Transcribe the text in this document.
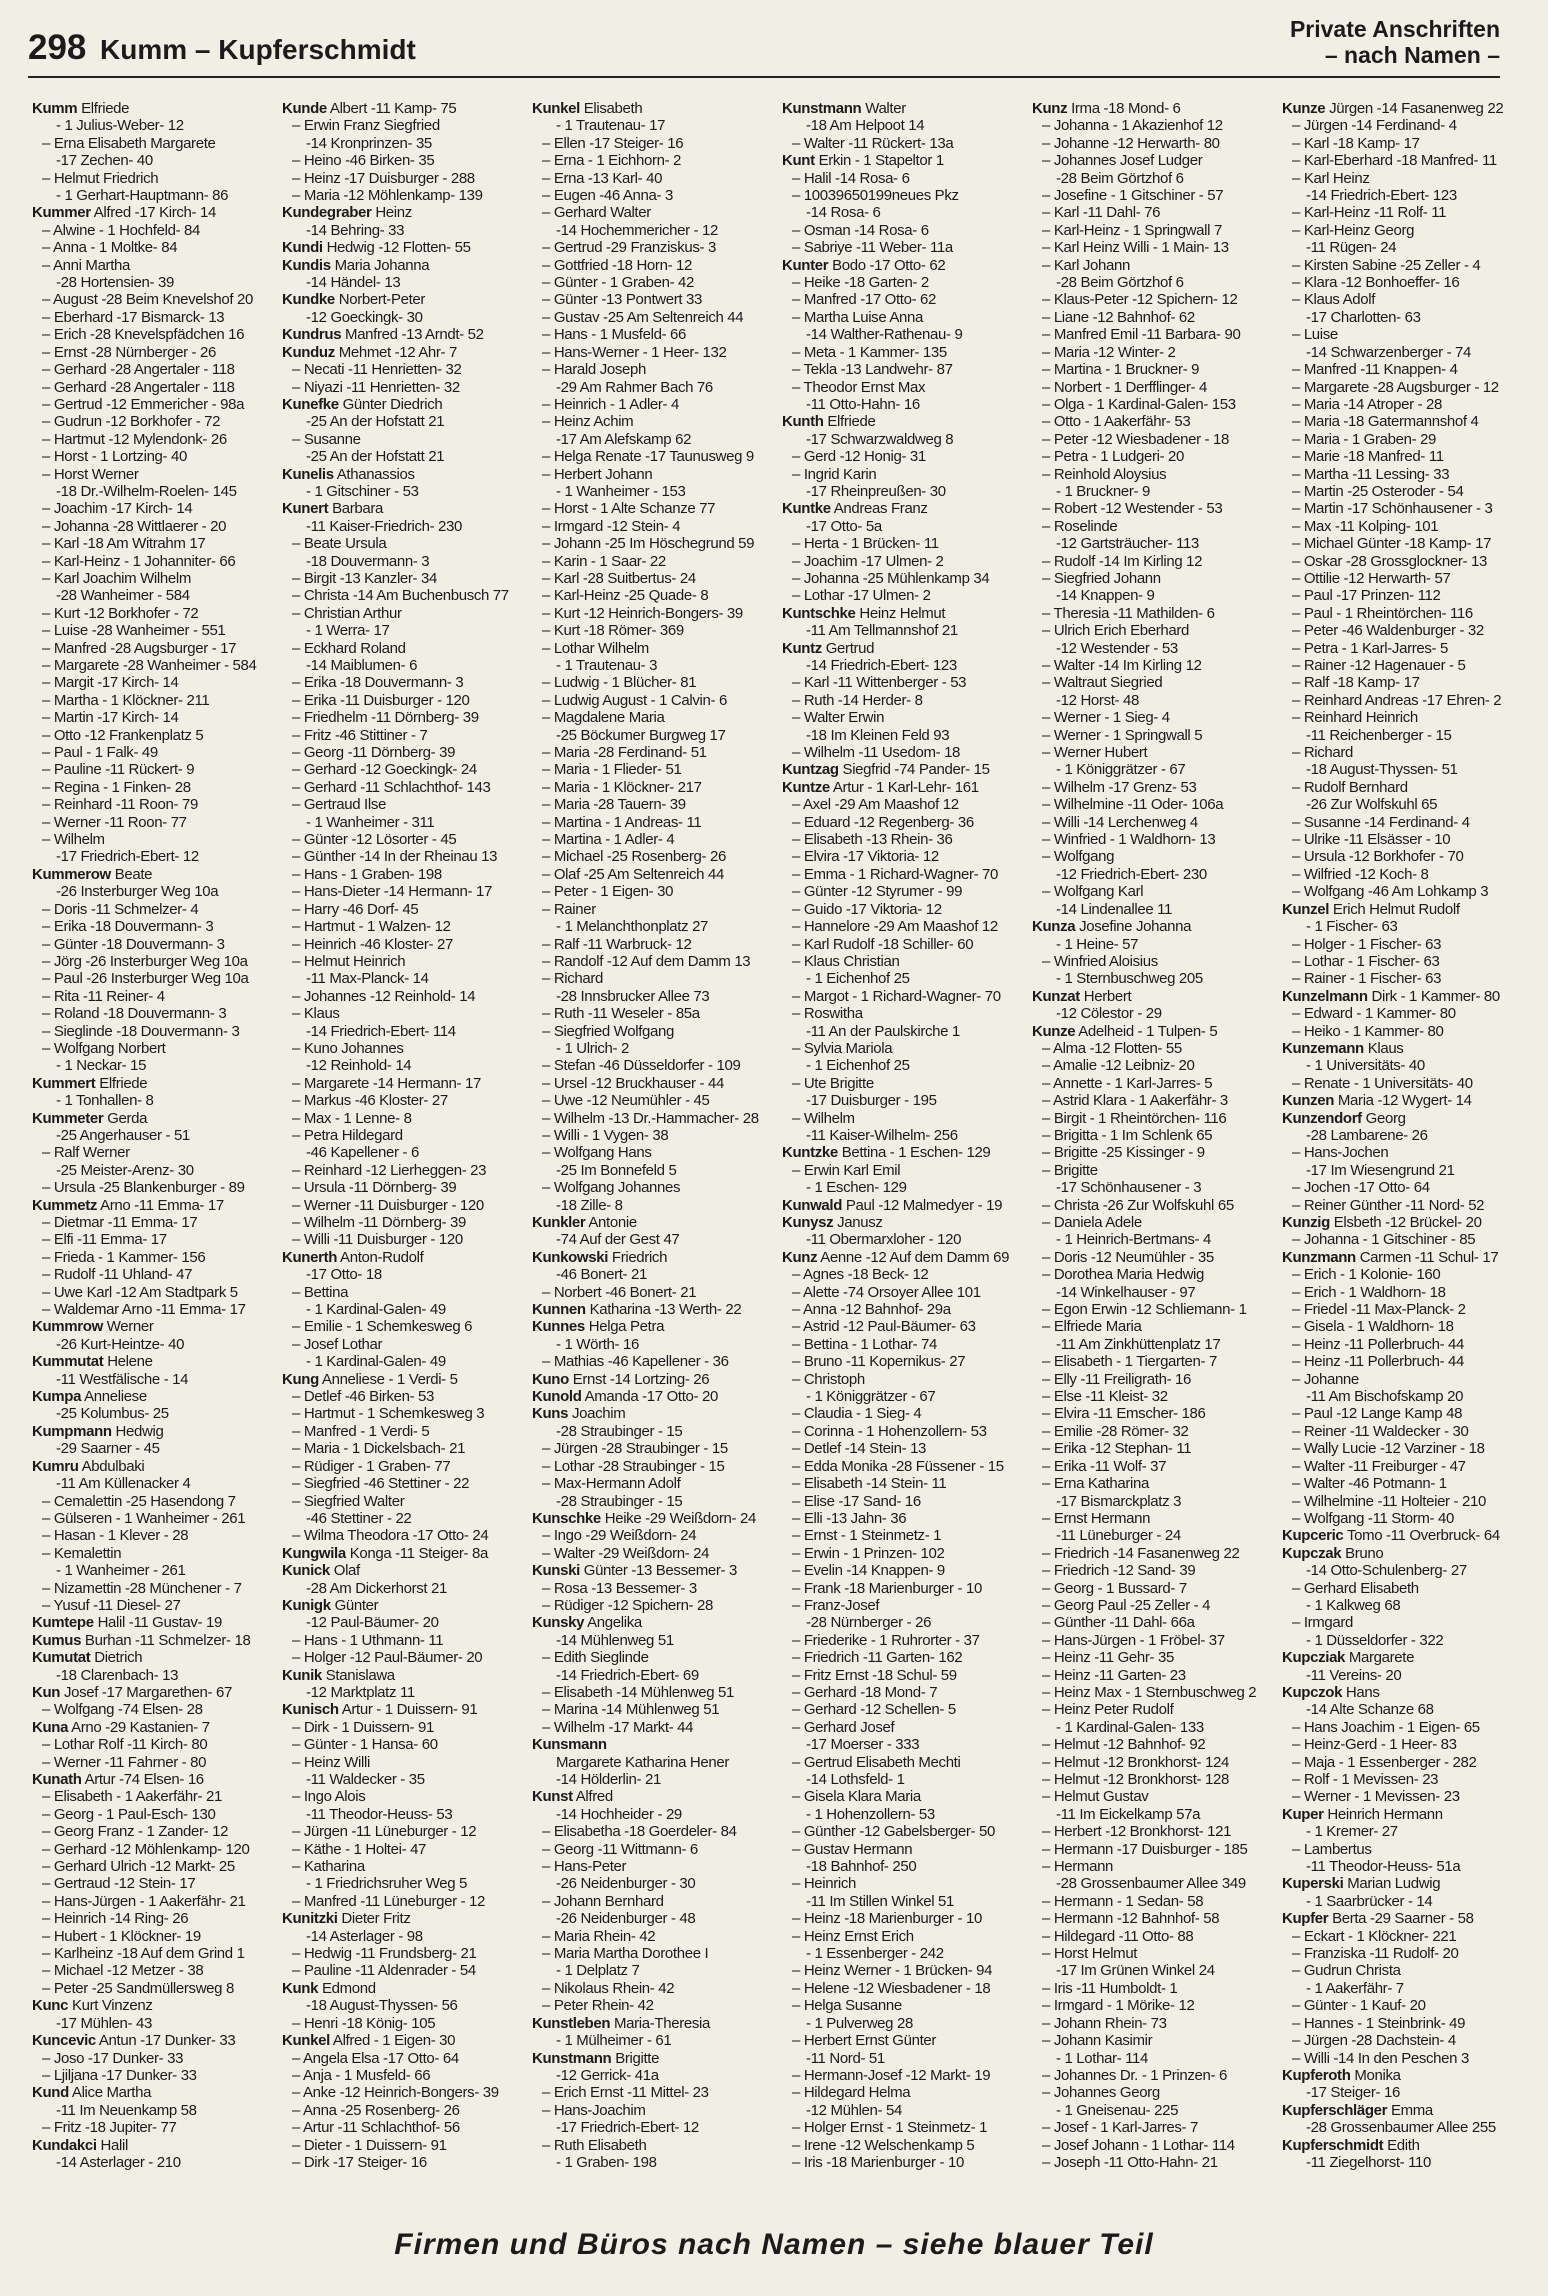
298 Kumm – Kupferschmidt
Private Anschriften
– nach Namen –
Kumm Elfriede
- 1 Julius-Weber- 12
– Erna Elisabeth Margarete
-17 Zechen- 40
– Helmut Friedrich
- 1 Gerhart-Hauptmann- 86
Kummer Alfred -17 Kirch- 14
– Alwine - 1 Hochfeld- 84
– Anna - 1 Moltke- 84
– Anni Martha
-28 Hortensien- 39
– August -28 Beim Knevelshof 20
– Eberhard -17 Bismarck- 13
– Erich -28 Knevelspfädchen 16
– Ernst -28 Nürnberger - 26
– Gerhard -28 Angertaler - 118
– Gerhard -28 Angertaler - 118
– Gertrud -12 Emmericher - 98a
– Gudrun -12 Borkhofer - 72
– Hartmut -12 Mylendonk- 26
– Horst - 1 Lortzing- 40
– Horst Werner
-18 Dr.-Wilhelm-Roelen- 145
– Joachim -17 Kirch- 14
– Johanna -28 Wittlaerer - 20
– Karl -18 Am Witrahm 17
– Karl-Heinz - 1 Johanniter- 66
– Karl Joachim Wilhelm
-28 Wanheimer - 584
– Kurt -12 Borkhofer - 72
– Luise -28 Wanheimer - 551
– Manfred -28 Augsburger - 17
– Margarete -28 Wanheimer - 584
– Margit -17 Kirch- 14
– Martha - 1 Klöckner- 211
– Martin -17 Kirch- 14
– Otto -12 Frankenplatz 5
– Paul - 1 Falk- 49
– Pauline -11 Rückert- 9
– Regina - 1 Finken- 28
– Reinhard -11 Roon- 79
– Werner -11 Roon- 77
– Wilhelm
-17 Friedrich-Ebert- 12
Kummerow Beate
-26 Insterburger Weg 10a
– Doris -11 Schmelzer- 4
– Erika -18 Douvermann- 3
– Günter -18 Douvermann- 3
– Jörg -26 Insterburger Weg 10a
– Paul -26 Insterburger Weg 10a
– Rita -11 Reiner- 4
– Roland -18 Douvermann- 3
– Sieglinde -18 Douvermann- 3
– Wolfgang Norbert
- 1 Neckar- 15
Kummert Elfriede
- 1 Tonhallen- 8
Kummeter Gerda
-25 Angerhauser - 51
– Ralf Werner
-25 Meister-Arenz- 30
– Ursula -25 Blankenburger - 89
Kummetz Arno -11 Emma- 17
– Dietmar -11 Emma- 17
– Elfi -11 Emma- 17
– Frieda - 1 Kammer- 156
– Rudolf -11 Uhland- 47
– Uwe Karl -12 Am Stadtpark 5
– Waldemar Arno -11 Emma- 17
Kummrow Werner
-26 Kurt-Heintze- 40
Kummutat Helene
-11 Westfälische - 14
Kumpa Anneliese
-25 Kolumbus- 25
Kumpmann Hedwig
-29 Saarner - 45
Kumru Abdulbaki
-11 Am Küllenacker 4
– Cemalettin -25 Hasendong 7
– Gülseren - 1 Wanheimer - 261
– Hasan - 1 Klever - 28
– Kemalettin
- 1 Wanheimer - 261
– Nizamettin -28 Münchener - 7
– Yusuf -11 Diesel- 27
Kumtepe Halil -11 Gustav- 19
Kumus Burhan -11 Schmelzer- 18
Kumutat Dietrich
-18 Clarenbach- 13
Kun Josef -17 Margarethen- 67
– Wolfgang -74 Elsen- 28
Kuna Arno -29 Kastanien- 7
– Lothar Rolf -11 Kirch- 80
– Werner -11 Fahrner - 80
Kunath Artur -74 Elsen- 16
– Elisabeth - 1 Aakerfähr- 21
– Georg - 1 Paul-Esch- 130
– Georg Franz - 1 Zander- 12
– Gerhard -12 Möhlenkamp- 120
– Gerhard Ulrich -12 Markt- 25
– Gertraud -12 Stein- 17
– Hans-Jürgen - 1 Aakerfähr- 21
– Heinrich -14 Ring- 26
– Hubert - 1 Klöckner- 19
– Karlheinz -18 Auf dem Grind 1
– Michael -12 Metzer - 38
– Peter -25 Sandmüllersweg 8
Kunc Kurt Vinzenz
-17 Mühlen- 43
Kuncevic Antun -17 Dunker- 33
– Joso -17 Dunker- 33
– Ljiljana -17 Dunker- 33
Kund Alice Martha
-11 Im Neuenkamp 58
– Fritz -18 Jupiter- 77
Kundakci Halil
-14 Asterlager - 210
Kunde Albert -11 Kamp- 75
– Erwin Franz Siegfried
-14 Kronprinzen- 35
– Heino -46 Birken- 35
– Heinz -17 Duisburger - 288
– Maria -12 Möhlenkamp- 139
Kundegraber Heinz
-14 Behring- 33
Kundi Hedwig -12 Flotten- 55
Kundis Maria Johanna
-14 Händel- 13
Kundke Norbert-Peter
-12 Goeckingk- 30
Kundrus Manfred -13 Arndt- 52
Kunduz Mehmet -12 Ahr- 7
– Necati -11 Henrietten- 32
– Niyazi -11 Henrietten- 32
Kunefke Günter Diedrich
-25 An der Hofstatt 21
– Susanne
-25 An der Hofstatt 21
Kunelis Athanassios
- 1 Gitschiner - 53
Kunert Barbara
-11 Kaiser-Friedrich- 230
– Beate Ursula
-18 Douvermann- 3
– Birgit -13 Kanzler- 34
– Christa -14 Am Buchenbusch 77
– Christian Arthur
- 1 Werra- 17
– Eckhard Roland
-14 Maiblumen- 6
– Erika -18 Douvermann- 3
– Erika -11 Duisburger - 120
– Friedhelm -11 Dörnberg- 39
– Fritz -46 Stittiner - 7
– Georg -11 Dörnberg- 39
– Gerhard -12 Goeckingk- 24
– Gerhard -11 Schlachthof- 143
– Gertraud Ilse
- 1 Wanheimer - 311
– Günter -12 Lösorter - 45
– Günther -14 In der Rheinau 13
– Hans - 1 Graben- 198
– Hans-Dieter -14 Hermann- 17
– Harry -46 Dorf- 45
– Hartmut - 1 Walzen- 12
– Heinrich -46 Kloster- 27
– Helmut Heinrich
-11 Max-Planck- 14
– Johannes -12 Reinhold- 14
– Klaus
-14 Friedrich-Ebert- 114
– Kuno Johannes
-12 Reinhold- 14
– Margarete -14 Hermann- 17
– Markus -46 Kloster- 27
– Max - 1 Lenne- 8
– Petra Hildegard
-46 Kapellener - 6
– Reinhard -12 Lierheggen- 23
– Ursula -11 Dörnberg- 39
– Werner -11 Duisburger - 120
– Wilhelm -11 Dörnberg- 39
– Willi -11 Duisburger - 120
Kunerth Anton-Rudolf
-17 Otto- 18
– Bettina
- 1 Kardinal-Galen- 49
– Emilie - 1 Schemkesweg 6
– Josef Lothar
- 1 Kardinal-Galen- 49
Kung Anneliese - 1 Verdi- 5
– Detlef -46 Birken- 53
– Hartmut - 1 Schemkesweg 3
– Manfred - 1 Verdi- 5
– Maria - 1 Dickelsbach- 21
– Rüdiger - 1 Graben- 77
– Siegfried -46 Stettiner - 22
– Siegfried Walter
-46 Stettiner - 22
– Wilma Theodora -17 Otto- 24
Kungwila Konga -11 Steiger- 8a
Kunick Olaf
-28 Am Dickerhorst 21
Kunigk Günter
-12 Paul-Bäumer- 20
– Hans - 1 Uthmann- 11
– Holger -12 Paul-Bäumer- 20
Kunik Stanislawa
-12 Marktplatz 11
Kunisch Artur - 1 Duissern- 91
– Dirk - 1 Duissern- 91
– Günter - 1 Hansa- 60
– Heinz Willi
-11 Waldecker - 35
– Ingo Alois
-11 Theodor-Heuss- 53
– Jürgen -11 Lüneburger - 12
– Käthe - 1 Holtei- 47
– Katharina
- 1 Friedrichsruher Weg 5
– Manfred -11 Lüneburger - 12
Kunitzki Dieter Fritz
-14 Asterlager - 98
– Hedwig -11 Frundsberg- 21
– Pauline -11 Aldenrader - 54
Kunk Edmond
-18 August-Thyssen- 56
– Henri -18 König- 105
Kunkel Alfred - 1 Eigen- 30
– Angela Elsa -17 Otto- 64
– Anja - 1 Musfeld- 66
– Anke -12 Heinrich-Bongers- 39
– Anna -25 Rosenberg- 26
– Artur -11 Schlachthof- 56
– Dieter - 1 Duissern- 91
– Dirk -17 Steiger- 16
Kunkel Elisabeth
- 1 Trautenau- 17
– Ellen -17 Steiger- 16
– Erna - 1 Eichhorn- 2
– Erna -13 Karl- 40
– Eugen -46 Anna- 3
– Gerhard Walter
-14 Hochemmericher - 12
– Gertrud -29 Franziskus- 3
– Gottfried -18 Horn- 12
– Günter - 1 Graben- 42
– Günter -13 Pontwert 33
– Gustav -25 Am Seltenreich 44
– Hans - 1 Musfeld- 66
– Hans-Werner - 1 Heer- 132
– Harald Joseph
-29 Am Rahmer Bach 76
– Heinrich - 1 Adler- 4
– Heinz Achim
-17 Am Alefskamp 62
– Helga Renate -17 Taunusweg 9
– Herbert Johann
- 1 Wanheimer - 153
– Horst - 1 Alte Schanze 77
– Irmgard -12 Stein- 4
– Johann -25 Im Höschegrund 59
– Karin - 1 Saar- 22
– Karl -28 Suitbertus- 24
– Karl-Heinz -25 Quade- 8
– Kurt -12 Heinrich-Bongers- 39
– Kurt -18 Römer- 369
– Lothar Wilhelm
- 1 Trautenau- 3
– Ludwig - 1 Blücher- 81
– Ludwig August - 1 Calvin- 6
– Magdalene Maria
-25 Böckumer Burgweg 17
– Maria -28 Ferdinand- 51
– Maria - 1 Flieder- 51
– Maria - 1 Klöckner- 217
– Maria -28 Tauern- 39
– Martina - 1 Andreas- 11
– Martina - 1 Adler- 4
– Michael -25 Rosenberg- 26
– Olaf -25 Am Seltenreich 44
– Peter - 1 Eigen- 30
– Rainer
- 1 Melanchthonplatz 27
– Ralf -11 Warbruck- 12
– Randolf -12 Auf dem Damm 13
– Richard
-28 Innsbrucker Allee 73
– Ruth -11 Weseler - 85a
– Siegfried Wolfgang
- 1 Ulrich- 2
– Stefan -46 Düsseldorfer - 109
– Ursel -12 Bruckhauser - 44
– Uwe -12 Neumühler - 45
– Wilhelm -13 Dr.-Hammacher- 28
– Willi - 1 Vygen- 38
– Wolfgang Hans
-25 Im Bonnefeld 5
– Wolfgang Johannes
-18 Zille- 8
Kunkler Antonie
-74 Auf der Gest 47
Kunkowski Friedrich
-46 Bonert- 21
– Norbert -46 Bonert- 21
Kunnen Katharina -13 Werth- 22
Kunnes Helga Petra
- 1 Wörth- 16
– Mathias -46 Kapellener - 36
Kuno Ernst -14 Lortzing- 26
Kunold Amanda -17 Otto- 20
Kuns Joachim
-28 Straubinger - 15
– Jürgen -28 Straubinger - 15
– Lothar -28 Straubinger - 15
– Max-Hermann Adolf
-28 Straubinger - 15
Kunschke Heike -29 Weißdorn- 24
– Ingo -29 Weißdorn- 24
– Walter -29 Weißdorn- 24
Kunski Günter -13 Bessemer- 3
– Rosa -13 Bessemer- 3
– Rüdiger -12 Spichern- 28
Kunsky Angelika
-14 Mühlenweg 51
– Edith Sieglinde
-14 Friedrich-Ebert- 69
– Elisabeth -14 Mühlenweg 51
– Marina -14 Mühlenweg 51
– Wilhelm -17 Markt- 44
Kunsmann
Margarete Katharina Hener
-14 Hölderlin- 21
Kunst Alfred
-14 Hochheider - 29
– Elisabetha -18 Goerdeler- 84
– Georg -11 Wittmann- 6
– Hans-Peter
-26 Neidenburger - 30
– Johann Bernhard
-26 Neidenburger - 48
– Maria Rhein- 42
– Maria Martha Dorothee I
- 1 Delplatz 7
– Nikolaus Rhein- 42
– Peter Rhein- 42
Kunstleben Maria-Theresia
- 1 Mülheimer - 61
Kunstmann Brigitte
-12 Gerrick- 41a
– Erich Ernst -11 Mittel- 23
– Hans-Joachim
-17 Friedrich-Ebert- 12
– Ruth Elisabeth
- 1 Graben- 198
Kunstmann Walter
-18 Am Helpoot 14
– Walter -11 Rückert- 13a
Kunt Erkin - 1 Stapeltor 1
– Halil -14 Rosa- 6
– 10039650199neues Pkz
-14 Rosa- 6
– Osman -14 Rosa- 6
– Sabriye -11 Weber- 11a
Kunter Bodo -17 Otto- 62
– Heike -18 Garten- 2
– Manfred -17 Otto- 62
– Martha Luise Anna
-14 Walther-Rathenau- 9
– Meta - 1 Kammer- 135
– Tekla -13 Landwehr- 87
– Theodor Ernst Max
-11 Otto-Hahn- 16
Kunth Elfriede
-17 Schwarzwaldweg 8
– Gerd -12 Honig- 31
– Ingrid Karin
-17 Rheinpreußen- 30
Kuntke Andreas Franz
-17 Otto- 5a
– Herta - 1 Brücken- 11
– Joachim -17 Ulmen- 2
– Johanna -25 Mühlenkamp 34
– Lothar -17 Ulmen- 2
Kuntschke Heinz Helmut
-11 Am Tellmannshof 21
Kuntz Gertrud
-14 Friedrich-Ebert- 123
– Karl -11 Wittenberger - 53
– Ruth -14 Herder- 8
– Walter Erwin
-18 Im Kleinen Feld 93
– Wilhelm -11 Usedom- 18
Kuntzag Siegfrid -74 Pander- 15
Kuntze Artur - 1 Karl-Lehr- 161
– Axel -29 Am Maashof 12
– Eduard -12 Regenberg- 36
– Elisabeth -13 Rhein- 36
– Elvira -17 Viktoria- 12
– Emma - 1 Richard-Wagner- 70
– Günter -12 Styrumer - 99
– Guido -17 Viktoria- 12
– Hannelore -29 Am Maashof 12
– Karl Rudolf -18 Schiller- 60
– Klaus Christian
- 1 Eichenhof 25
– Margot - 1 Richard-Wagner- 70
– Roswitha
-11 An der Paulskirche 1
– Sylvia Mariola
- 1 Eichenhof 25
– Ute Brigitte
-17 Duisburger - 195
– Wilhelm
-11 Kaiser-Wilhelm- 256
Kuntzke Bettina - 1 Eschen- 129
– Erwin Karl Emil
- 1 Eschen- 129
Kunwald Paul -12 Malmedyer - 19
Kunysz Janusz
-11 Obermarxloher - 120
Kunz Aenne -12 Auf dem Damm 69
– Agnes -18 Beck- 12
– Alette -74 Orsoyer Allee 101
– Anna -12 Bahnhof- 29a
– Astrid -12 Paul-Bäumer- 63
– Bettina - 1 Lothar- 74
– Bruno -11 Kopernikus- 27
– Christoph
- 1 Königgrätzer - 67
– Claudia - 1 Sieg- 4
– Corinna - 1 Hohenzollern- 53
– Detlef -14 Stein- 13
– Edda Monika -28 Füssener - 15
– Elisabeth -14 Stein- 11
– Elise -17 Sand- 16
– Elli -13 Jahn- 36
– Ernst - 1 Steinmetz- 1
– Erwin - 1 Prinzen- 102
– Evelin -14 Knappen- 9
– Frank -18 Marienburger - 10
– Franz-Josef
-28 Nürnberger - 26
– Friederike - 1 Ruhrorter - 37
– Friedrich -11 Garten- 162
– Fritz Ernst -18 Schul- 59
– Gerhard -18 Mond- 7
– Gerhard -12 Schellen- 5
– Gerhard Josef
-17 Moerser - 333
– Gertrud Elisabeth Mechti
-14 Lothsfeld- 1
– Gisela Klara Maria
- 1 Hohenzollern- 53
– Günther -12 Gabelsberger- 50
– Gustav Hermann
-18 Bahnhof- 250
– Heinrich
-11 Im Stillen Winkel 51
– Heinz -18 Marienburger - 10
– Heinz Ernst Erich
- 1 Essenberger - 242
– Heinz Werner - 1 Brücken- 94
– Helene -12 Wiesbadener - 18
– Helga Susanne
- 1 Pulverweg 28
– Herbert Ernst Günter
-11 Nord- 51
– Hermann-Josef -12 Markt- 19
– Hildegard Helma
-12 Mühlen- 54
– Holger Ernst - 1 Steinmetz- 1
– Irene -12 Welschenkamp 5
– Iris -18 Marienburger - 10
Kunz Irma -18 Mond- 6
– Johanna - 1 Akazienhof 12
– Johanne -12 Herwarth- 80
– Johannes Josef Ludger
-28 Beim Görtzhof 6
– Josefine - 1 Gitschiner - 57
– Karl -11 Dahl- 76
– Karl-Heinz - 1 Springwall 7
– Karl Heinz Willi - 1 Main- 13
– Karl Johann
-28 Beim Görtzhof 6
– Klaus-Peter -12 Spichern- 12
– Liane -12 Bahnhof- 62
– Manfred Emil -11 Barbara- 90
– Maria -12 Winter- 2
– Martina - 1 Bruckner- 9
– Norbert - 1 Derfflinger- 4
– Olga - 1 Kardinal-Galen- 153
– Otto - 1 Aakerfähr- 53
– Peter -12 Wiesbadener - 18
– Petra - 1 Ludgeri- 20
– Reinhold Aloysius
- 1 Bruckner- 9
– Robert -12 Westender - 53
– Roselinde
-12 Gartsträucher- 113
– Rudolf -14 Im Kirling 12
– Siegfried Johann
-14 Knappen- 9
– Theresia -11 Mathilden- 6
– Ulrich Erich Eberhard
-12 Westender - 53
– Walter -14 Im Kirling 12
– Waltraut Siegried
-12 Horst- 48
– Werner - 1 Sieg- 4
– Werner - 1 Springwall 5
– Werner Hubert
- 1 Königgrätzer - 67
– Wilhelm -17 Grenz- 53
– Wilhelmine -11 Oder- 106a
– Willi -14 Lerchenweg 4
– Winfried - 1 Waldhorn- 13
– Wolfgang
-12 Friedrich-Ebert- 230
– Wolfgang Karl
-14 Lindenallee 11
Kunza Josefine Johanna
- 1 Heine- 57
– Winfried Aloisius
- 1 Sternbuschweg 205
Kunzat Herbert
-12 Cölestor - 29
Kunze Adelheid - 1 Tulpen- 5
– Alma -12 Flotten- 55
– Amalie -12 Leibniz- 20
– Annette - 1 Karl-Jarres- 5
– Astrid Klara - 1 Aakerfähr- 3
– Birgit - 1 Rheintörchen- 116
– Brigitta - 1 Im Schlenk 65
– Brigitte -25 Kissinger - 9
– Brigitte
-17 Schönhausener - 3
– Christa -26 Zur Wolfskuhl 65
– Daniela Adele
- 1 Heinrich-Bertmans- 4
– Doris -12 Neumühler - 35
– Dorothea Maria Hedwig
-14 Winkelhauser - 97
– Egon Erwin -12 Schliemann- 1
– Elfriede Maria
-11 Am Zinkhüttenplatz 17
– Elisabeth - 1 Tiergarten- 7
– Elly -11 Freiligrath- 16
– Else -11 Kleist- 32
– Elvira -11 Emscher- 186
– Emilie -28 Römer- 32
– Erika -12 Stephan- 11
– Erika -11 Wolf- 37
– Erna Katharina
-17 Bismarckplatz 3
– Ernst Hermann
-11 Lüneburger - 24
– Friedrich -14 Fasanenweg 22
– Friedrich -12 Sand- 39
– Georg - 1 Bussard- 7
– Georg Paul -25 Zeller - 4
– Günther -11 Dahl- 66a
– Hans-Jürgen - 1 Fröbel- 37
– Heinz -11 Gehr- 35
– Heinz -11 Garten- 23
– Heinz Max - 1 Sternbuschweg 2
– Heinz Peter Rudolf
- 1 Kardinal-Galen- 133
– Helmut -12 Bahnhof- 92
– Helmut -12 Bronkhorst- 124
– Helmut -12 Bronkhorst- 128
– Helmut Gustav
-11 Im Eickelkamp 57a
– Herbert -12 Bronkhorst- 121
– Hermann -17 Duisburger - 185
– Hermann
-28 Grossenbaumer Allee 349
– Hermann - 1 Sedan- 58
– Hermann -12 Bahnhof- 58
– Hildegard -11 Otto- 88
– Horst Helmut
-17 Im Grünen Winkel 24
– Iris -11 Humboldt- 1
– Irmgard - 1 Mörike- 12
– Johann Rhein- 73
– Johann Kasimir
- 1 Lothar- 114
– Johannes Dr. - 1 Prinzen- 6
– Johannes Georg
- 1 Gneisenau- 225
– Josef - 1 Karl-Jarres- 7
– Josef Johann - 1 Lothar- 114
– Joseph -11 Otto-Hahn- 21
Kunze Jürgen -14 Fasanenweg 22
– Jürgen -14 Ferdinand- 4
– Karl -18 Kamp- 17
– Karl-Eberhard -18 Manfred- 11
– Karl Heinz
-14 Friedrich-Ebert- 123
– Karl-Heinz -11 Rolf- 11
– Karl-Heinz Georg
-11 Rügen- 24
– Kirsten Sabine -25 Zeller - 4
– Klara -12 Bonhoeffer- 16
– Klaus Adolf
-17 Charlotten- 63
– Luise
-14 Schwarzenberger - 74
– Manfred -11 Knappen- 4
– Margarete -28 Augsburger - 12
– Maria -14 Atroper - 28
– Maria -18 Gatermannshof 4
– Maria - 1 Graben- 29
– Marie -18 Manfred- 11
– Martha -11 Lessing- 33
– Martin -25 Osteroder - 54
– Martin -17 Schönhausener - 3
– Max -11 Kolping- 101
– Michael Günter -18 Kamp- 17
– Oskar -28 Grossglockner- 13
– Ottilie -12 Herwarth- 57
– Paul -17 Prinzen- 112
– Paul - 1 Rheintörchen- 116
– Peter -46 Waldenburger - 32
– Petra - 1 Karl-Jarres- 5
– Rainer -12 Hagenauer - 5
– Ralf -18 Kamp- 17
– Reinhard Andreas -17 Ehren- 2
– Reinhard Heinrich
-11 Reichenberger - 15
– Richard
-18 August-Thyssen- 51
– Rudolf Bernhard
-26 Zur Wolfskuhl 65
– Susanne -14 Ferdinand- 4
– Ulrike -11 Elsässer - 10
– Ursula -12 Borkhofer - 70
– Wilfried -12 Koch- 8
– Wolfgang -46 Am Lohkamp 3
Kunzel Erich Helmut Rudolf
- 1 Fischer- 63
– Holger - 1 Fischer- 63
– Lothar - 1 Fischer- 63
– Rainer - 1 Fischer- 63
Kunzelmann Dirk - 1 Kammer- 80
– Edward - 1 Kammer- 80
– Heiko - 1 Kammer- 80
Kunzemann Klaus
- 1 Universitäts- 40
– Renate - 1 Universitäts- 40
Kunzen Maria -12 Wygert- 14
Kunzendorf Georg
-28 Lambarene- 26
– Hans-Jochen
-17 Im Wiesengrund 21
– Jochen -17 Otto- 64
– Reiner Günther -11 Nord- 52
Kunzig Elsbeth -12 Brückel- 20
– Johanna - 1 Gitschiner - 85
Kunzmann Carmen -11 Schul- 17
– Erich - 1 Kolonie- 160
– Erich - 1 Waldhorn- 18
– Friedel -11 Max-Planck- 2
– Gisela - 1 Waldhorn- 18
– Heinz -11 Pollerbruch- 44
– Heinz -11 Pollerbruch- 44
– Johanne
-11 Am Bischofskamp 20
– Paul -12 Lange Kamp 48
– Reiner -11 Waldecker - 30
– Wally Lucie -12 Varziner - 18
– Walter -11 Freiburger - 47
– Walter -46 Potmann- 1
– Wilhelmine -11 Holteier - 210
– Wolfgang -11 Storm- 40
Kupceric Tomo -11 Overbruck- 64
Kupczak Bruno
-14 Otto-Schulenberg- 27
– Gerhard Elisabeth
- 1 Kalkweg 68
– Irmgard
- 1 Düsseldorfer - 322
Kupcziak Margarete
-11 Vereins- 20
Kupczok Hans
-14 Alte Schanze 68
– Hans Joachim - 1 Eigen- 65
– Heinz-Gerd - 1 Heer- 83
– Maja - 1 Essenberger - 282
– Rolf - 1 Mevissen- 23
– Werner - 1 Mevissen- 23
Kuper Heinrich Hermann
- 1 Kremer- 27
– Lambertus
-11 Theodor-Heuss- 51a
Kuperski Marian Ludwig
- 1 Saarbrücker - 14
Kupfer Berta -29 Saarner - 58
– Eckart - 1 Klöckner- 221
– Franziska -11 Rudolf- 20
– Gudrun Christa
- 1 Aakerfähr- 7
– Günter - 1 Kauf- 20
– Hannes - 1 Steinbrink- 49
– Jürgen -28 Dachstein- 4
– Willi -14 In den Peschen 3
Kupferoth Monika
-17 Steiger- 16
Kupferschläger Emma
-28 Grossenbaumer Allee 255
Kupferschmidt Edith
-11 Ziegelhorst- 110
Firmen und Büros nach Namen – siehe blauer Teil
